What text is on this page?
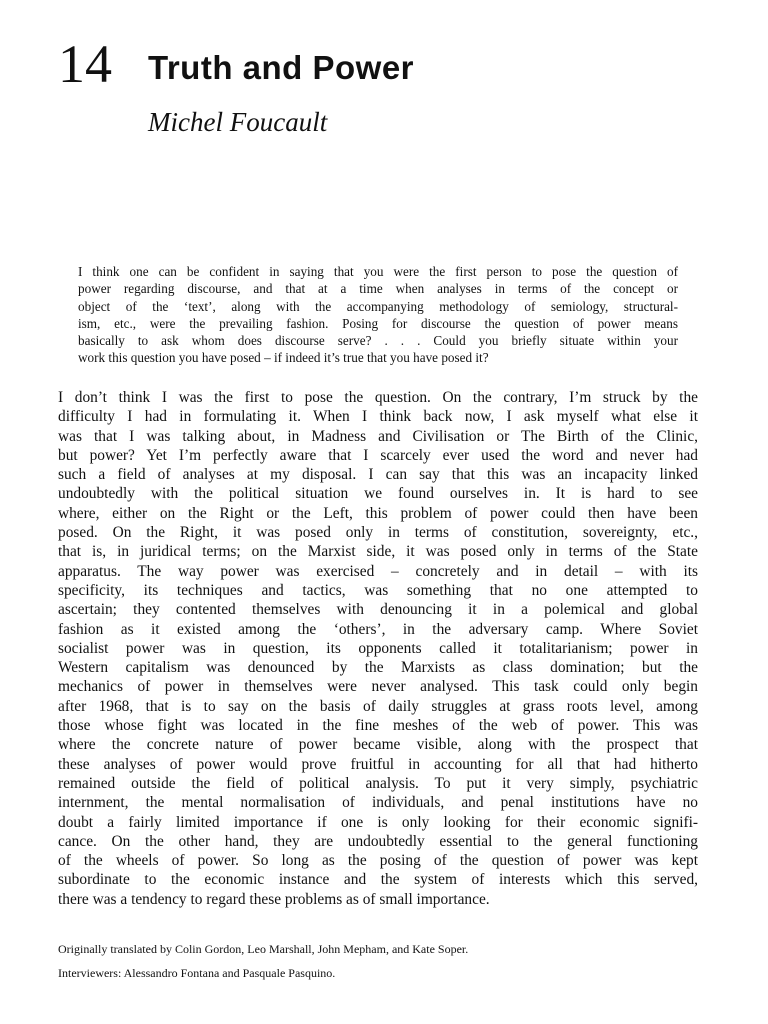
14 Truth and Power
Michel Foucault
I think one can be confident in saying that you were the first person to pose the question of
power regarding discourse, and that at a time when analyses in terms of the concept or
object of the ‘text’, along with the accompanying methodology of semiology, structural-
ism, etc., were the prevailing fashion. Posing for discourse the question of power means
basically to ask whom does discourse serve? . . . Could you briefly situate within your
work this question you have posed – if indeed it’s true that you have posed it?
I don’t think I was the first to pose the question. On the contrary, I’m struck by the
difficulty I had in formulating it. When I think back now, I ask myself what else it
was that I was talking about, in Madness and Civilisation or The Birth of the Clinic,
but power? Yet I’m perfectly aware that I scarcely ever used the word and never had
such a field of analyses at my disposal. I can say that this was an incapacity linked
undoubtedly with the political situation we found ourselves in. It is hard to see
where, either on the Right or the Left, this problem of power could then have been
posed. On the Right, it was posed only in terms of constitution, sovereignty, etc.,
that is, in juridical terms; on the Marxist side, it was posed only in terms of the State
apparatus. The way power was exercised – concretely and in detail – with its
specificity, its techniques and tactics, was something that no one attempted to
ascertain; they contented themselves with denouncing it in a polemical and global
fashion as it existed among the ‘others’, in the adversary camp. Where Soviet
socialist power was in question, its opponents called it totalitarianism; power in
Western capitalism was denounced by the Marxists as class domination; but the
mechanics of power in themselves were never analysed. This task could only begin
after 1968, that is to say on the basis of daily struggles at grass roots level, among
those whose fight was located in the fine meshes of the web of power. This was
where the concrete nature of power became visible, along with the prospect that
these analyses of power would prove fruitful in accounting for all that had hitherto
remained outside the field of political analysis. To put it very simply, psychiatric
internment, the mental normalisation of individuals, and penal institutions have no
doubt a fairly limited importance if one is only looking for their economic signifi-
cance. On the other hand, they are undoubtedly essential to the general functioning
of the wheels of power. So long as the posing of the question of power was kept
subordinate to the economic instance and the system of interests which this served,
there was a tendency to regard these problems as of small importance.
Originally translated by Colin Gordon, Leo Marshall, John Mepham, and Kate Soper.
Interviewers: Alessandro Fontana and Pasquale Pasquino.
